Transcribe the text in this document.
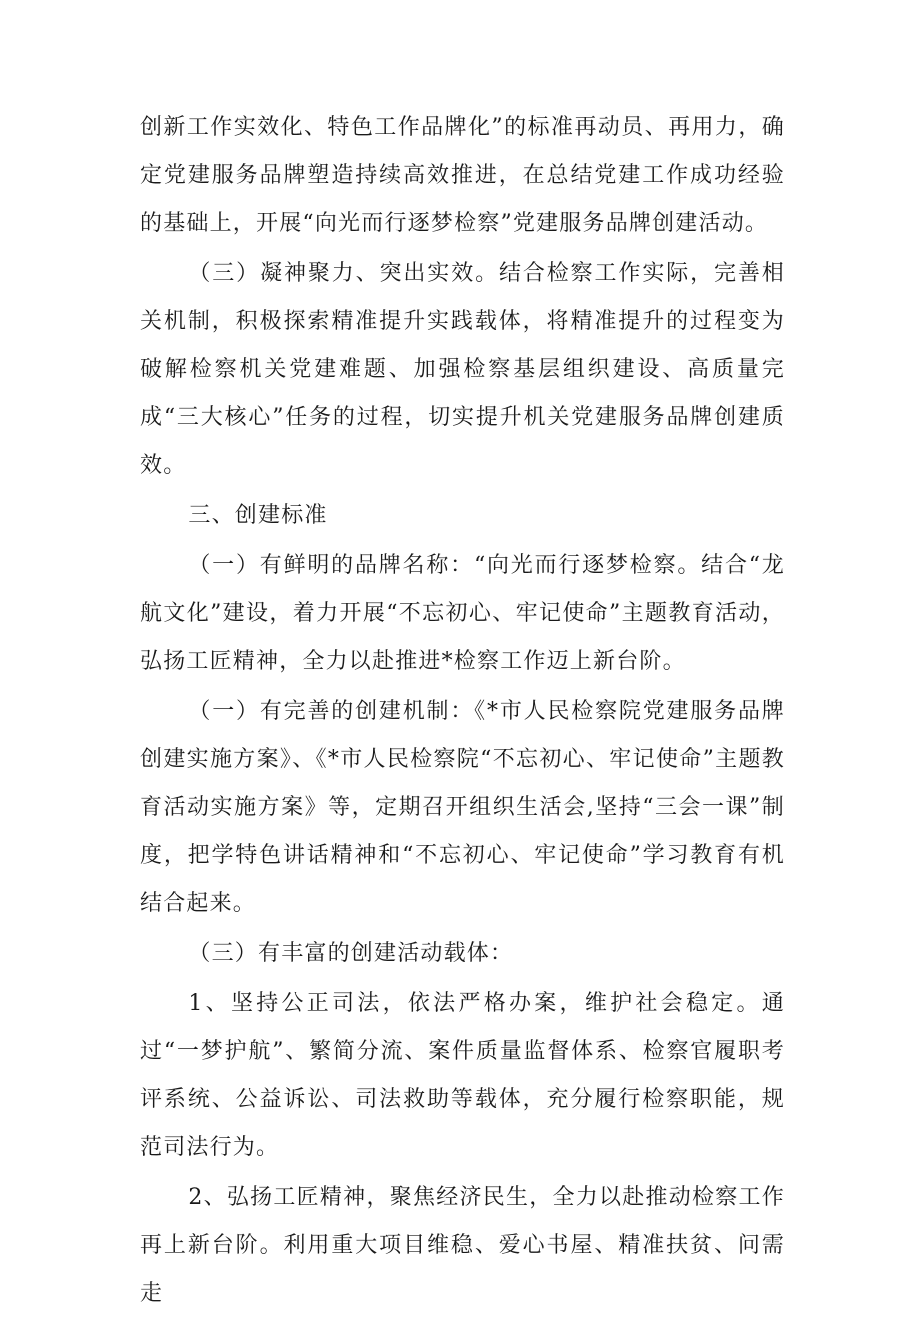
创新工作实效化、特色工作品牌化”的标准再动员、再用力，确定党建服务品牌塑造持续高效推进，在总结党建工作成功经验的基础上，开展“向光而行逐梦检察”党建服务品牌创建活动。

（三）凝神聚力、突出实效。结合检察工作实际，完善相关机制，积极探索精准提升实践载体，将精准提升的过程变为破解检察机关党建难题、加强检察基层组织建设、高质量完成“三大核心”任务的过程，切实提升机关党建服务品牌创建质效。

三、创建标准

（一）有鲜明的品牌名称：“向光而行逐梦检察。结合“龙航文化”建设，着力开展“不忘初心、牢记使命”主题教育活动，弘扬工匠精神，全力以赴推进*检察工作迈上新台阶。

（一）有完善的创建机制：《*市人民检察院党建服务品牌创建实施方案》、《*市人民检察院“不忘初心、牢记使命”主题教育活动实施方案》等，定期召开组织生活会,坚持“三会一课”制度，把学特色讲话精神和“不忘初心、牢记使命”学习教育有机结合起来。

（三）有丰富的创建活动载体：

1、坚持公正司法，依法严格办案，维护社会稳定。通过“一梦护航”、繁简分流、案件质量监督体系、检察官履职考评系统、公益诉讼、司法救助等载体，充分履行检察职能，规范司法行为。

2、弘扬工匠精神，聚焦经济民生，全力以赴推动检察工作再上新台阶。利用重大项目维稳、爱心书屋、精准扶贫、问需走
